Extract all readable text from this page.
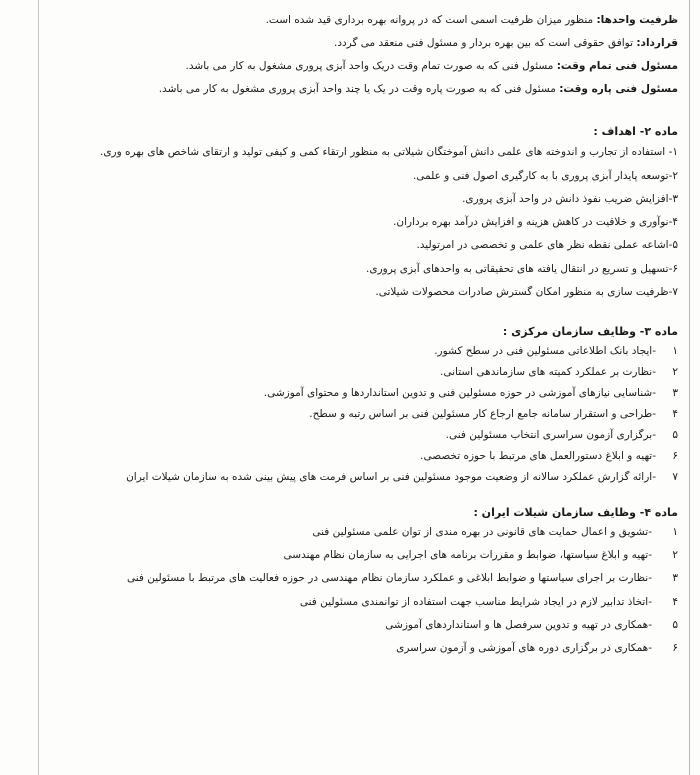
ظرفیت واحدها: منظور میزان ظرفیت اسمی است که در پروانه بهره برداری قید شده است.
قرارداد: توافق حقوقی است که بین بهره بردار و مسئول فنی منعقد می گردد.
مسئول فنی تمام وقت: مسئول فنی که به صورت تمام وقت دریک واحد آبزی پروری مشغول به کار می باشد.
مسئول فنی پاره وقت: مسئول فنی که به صورت پاره وقت در یک یا چند واحد آبزی پروری مشغول به کار می باشد.
ماده ۲- اهداف :
۱- استفاده از تجارب و اندوخته های علمی دانش آموختگان شیلاتی به منظور ارتقاء کمی و کیفی تولید و ارتقای شاخص های بهره وری.
۲-توسعه پایدار آبزی پروری با به کارگیری اصول فنی و علمی.
۳-افزایش ضریب نفوذ دانش در واحد آبزی پروری.
۴-نوآوری و خلاقیت در کاهش هزینه و افزایش درآمد بهره برداران.
۵-اشاعه عملی نقطه نظر های علمی و تخصصی در امرتولید.
۶-تسهیل و تسریع در انتقال یافته های تحقیقاتی به واحدهای آبزی پروری.
۷-ظرفیت سازی به منظور امکان گسترش صادرات محصولات شیلاتی.
ماده ۳- وظایف سازمان مرکزی :
۱-ایجاد بانک اطلاعاتی مسئولین فنی در سطح کشور.
۲-نظارت بر عملکرد کمیته های سازماندهی استانی.
۳-شناسایی نیازهای آموزشی در حوزه مسئولین فنی و تدوین استانداردها و محتوای آموزشی.
۴-طراحی و استقرار سامانه جامع ارجاع کار مسئولین فنی بر اساس رتبه و سطح.
۵-برگزاری آزمون سراسری انتخاب مسئولین فنی.
۶-تهیه و ابلاغ دستورالعمل های مرتبط با حوزه تخصصی.
۷-ارائه گزارش عملکرد سالانه از وضعیت موجود مسئولین فنی بر اساس فرمت های پیش بینی شده به سازمان شیلات ایران
ماده ۴- وظایف سازمان شیلات ایران :
۱-تشویق و اعمال حمایت های قانونی در بهره مندی از توان علمی مسئولین فنی
۲-تهیه و ابلاغ سیاستها، ضوابط و مقررات برنامه های اجرایی به سازمان نظام مهندسی
۳-نظارت بر اجرای سیاستها و ضوابط ابلاغی و عملکرد سازمان نظام مهندسی در حوزه فعالیت های مرتبط با مسئولین فنی
۴-اتخاذ تدابیر لازم در ایجاد شرایط مناسب جهت استفاده از توانمندی مسئولین فنی
۵-همکاری در تهیه و تدوین سرفصل ها و استانداردهای آموزشی
۶-همکاری در برگزاری دوره های آموزشی و آزمون سراسری
